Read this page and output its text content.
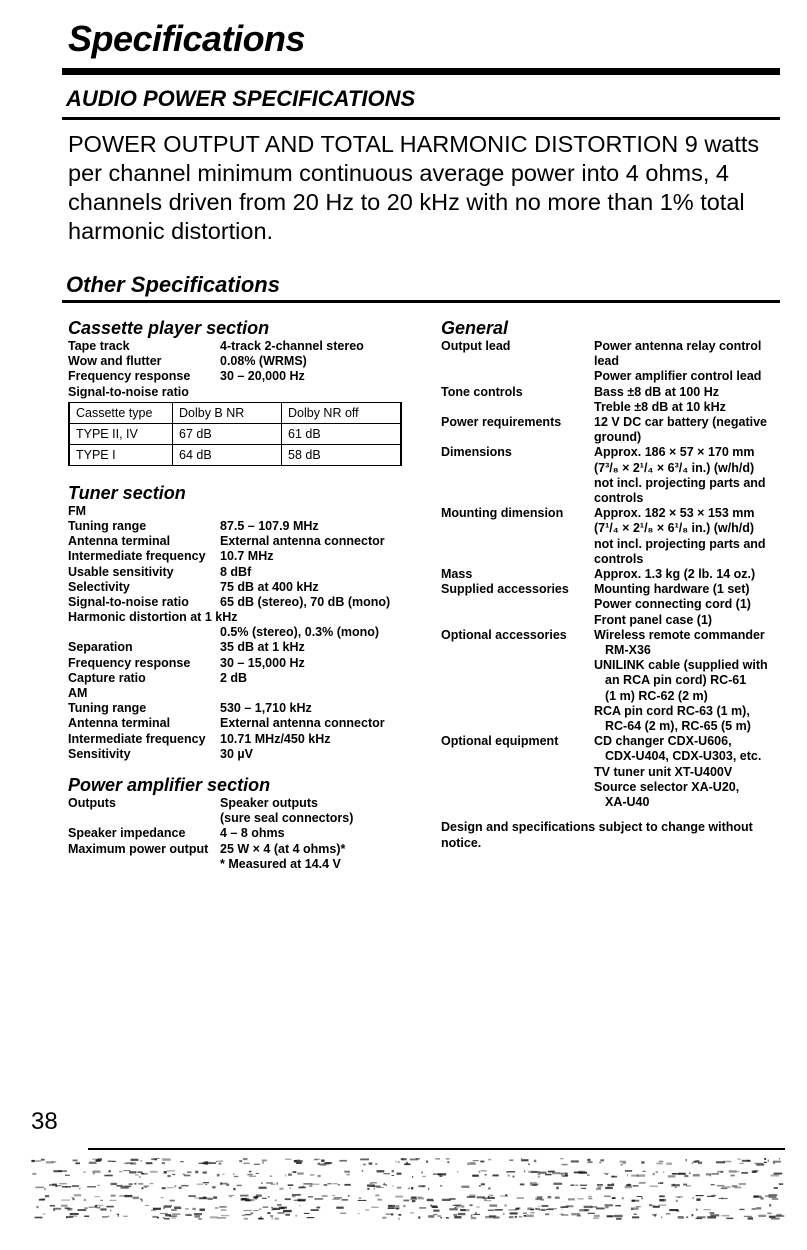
Specifications
AUDIO POWER SPECIFICATIONS
POWER OUTPUT AND TOTAL HARMONIC DISTORTION 9 watts per channel minimum continuous average power into 4 ohms, 4 channels driven from 20 Hz to 20 kHz with no more than 1% total harmonic distortion.
Other Specifications
Cassette player section
Tape track	4-track 2-channel stereo
Wow and flutter	0.08% (WRMS)
Frequency response 30 – 20,000 Hz
Signal-to-noise ratio
Cassette type	Dolby B NR	Dolby NR off
TYPE II, IV	67 dB	61 dB
TYPE I	64 dB	58 dB
Tuner section
FM
Tuning range	87.5 – 107.9 MHz
Antenna terminal	External antenna connector
Intermediate frequency 10.7 MHz
Usable sensitivity	8 dBf
Selectivity	75 dB at 400 kHz
Signal-to-noise ratio 65 dB (stereo), 70 dB (mono)
Harmonic distortion at 1 kHz
0.5% (stereo), 0.3% (mono)
Separation	35 dB at 1 kHz
Frequency response 30 – 15,000 Hz
Capture ratio	2 dB
AM
Tuning range	530 – 1,710 kHz
Antenna terminal	External antenna connector
Intermediate frequency 10.71 MHz/450 kHz
Sensitivity	30 µV
Power amplifier section
Outputs	Speaker outputs
(sure seal connectors)
Speaker impedance	4 – 8 ohms
Maximum power output 25 W × 4 (at 4 ohms)*
* Measured at 14.4 V
General
Output lead	Power antenna relay control
lead
Power amplifier control lead
Tone controls	Bass ±8 dB at 100 Hz
Treble ±8 dB at 10 kHz
Power requirements	12 V DC car battery (negative
ground)
Dimensions	Approx. 186 × 57 × 170 mm
(7³/₈ × 2¹/₄ × 6³/₄ in.) (w/h/d)
not incl. projecting parts and
controls
Mounting dimension	Approx. 182 × 53 × 153 mm
(7¹/₄ × 2¹/₈ × 6¹/₈ in.) (w/h/d)
not incl. projecting parts and
controls
Mass	Approx. 1.3 kg (2 lb. 14 oz.)
Supplied accessories	Mounting hardware (1 set)
Power connecting cord (1)
Front panel case (1)
Optional accessories	Wireless remote commander
RM-X36
UNILINK cable (supplied with
an RCA pin cord) RC-61
(1 m) RC-62 (2 m)
RCA pin cord RC-63 (1 m),
RC-64 (2 m), RC-65 (5 m)
Optional equipment	CD changer CDX-U606,
CDX-U404, CDX-U303, etc.
TV tuner unit XT-U400V
Source selector XA-U20,
XA-U40
Design and specifications subject to change without notice.
38
